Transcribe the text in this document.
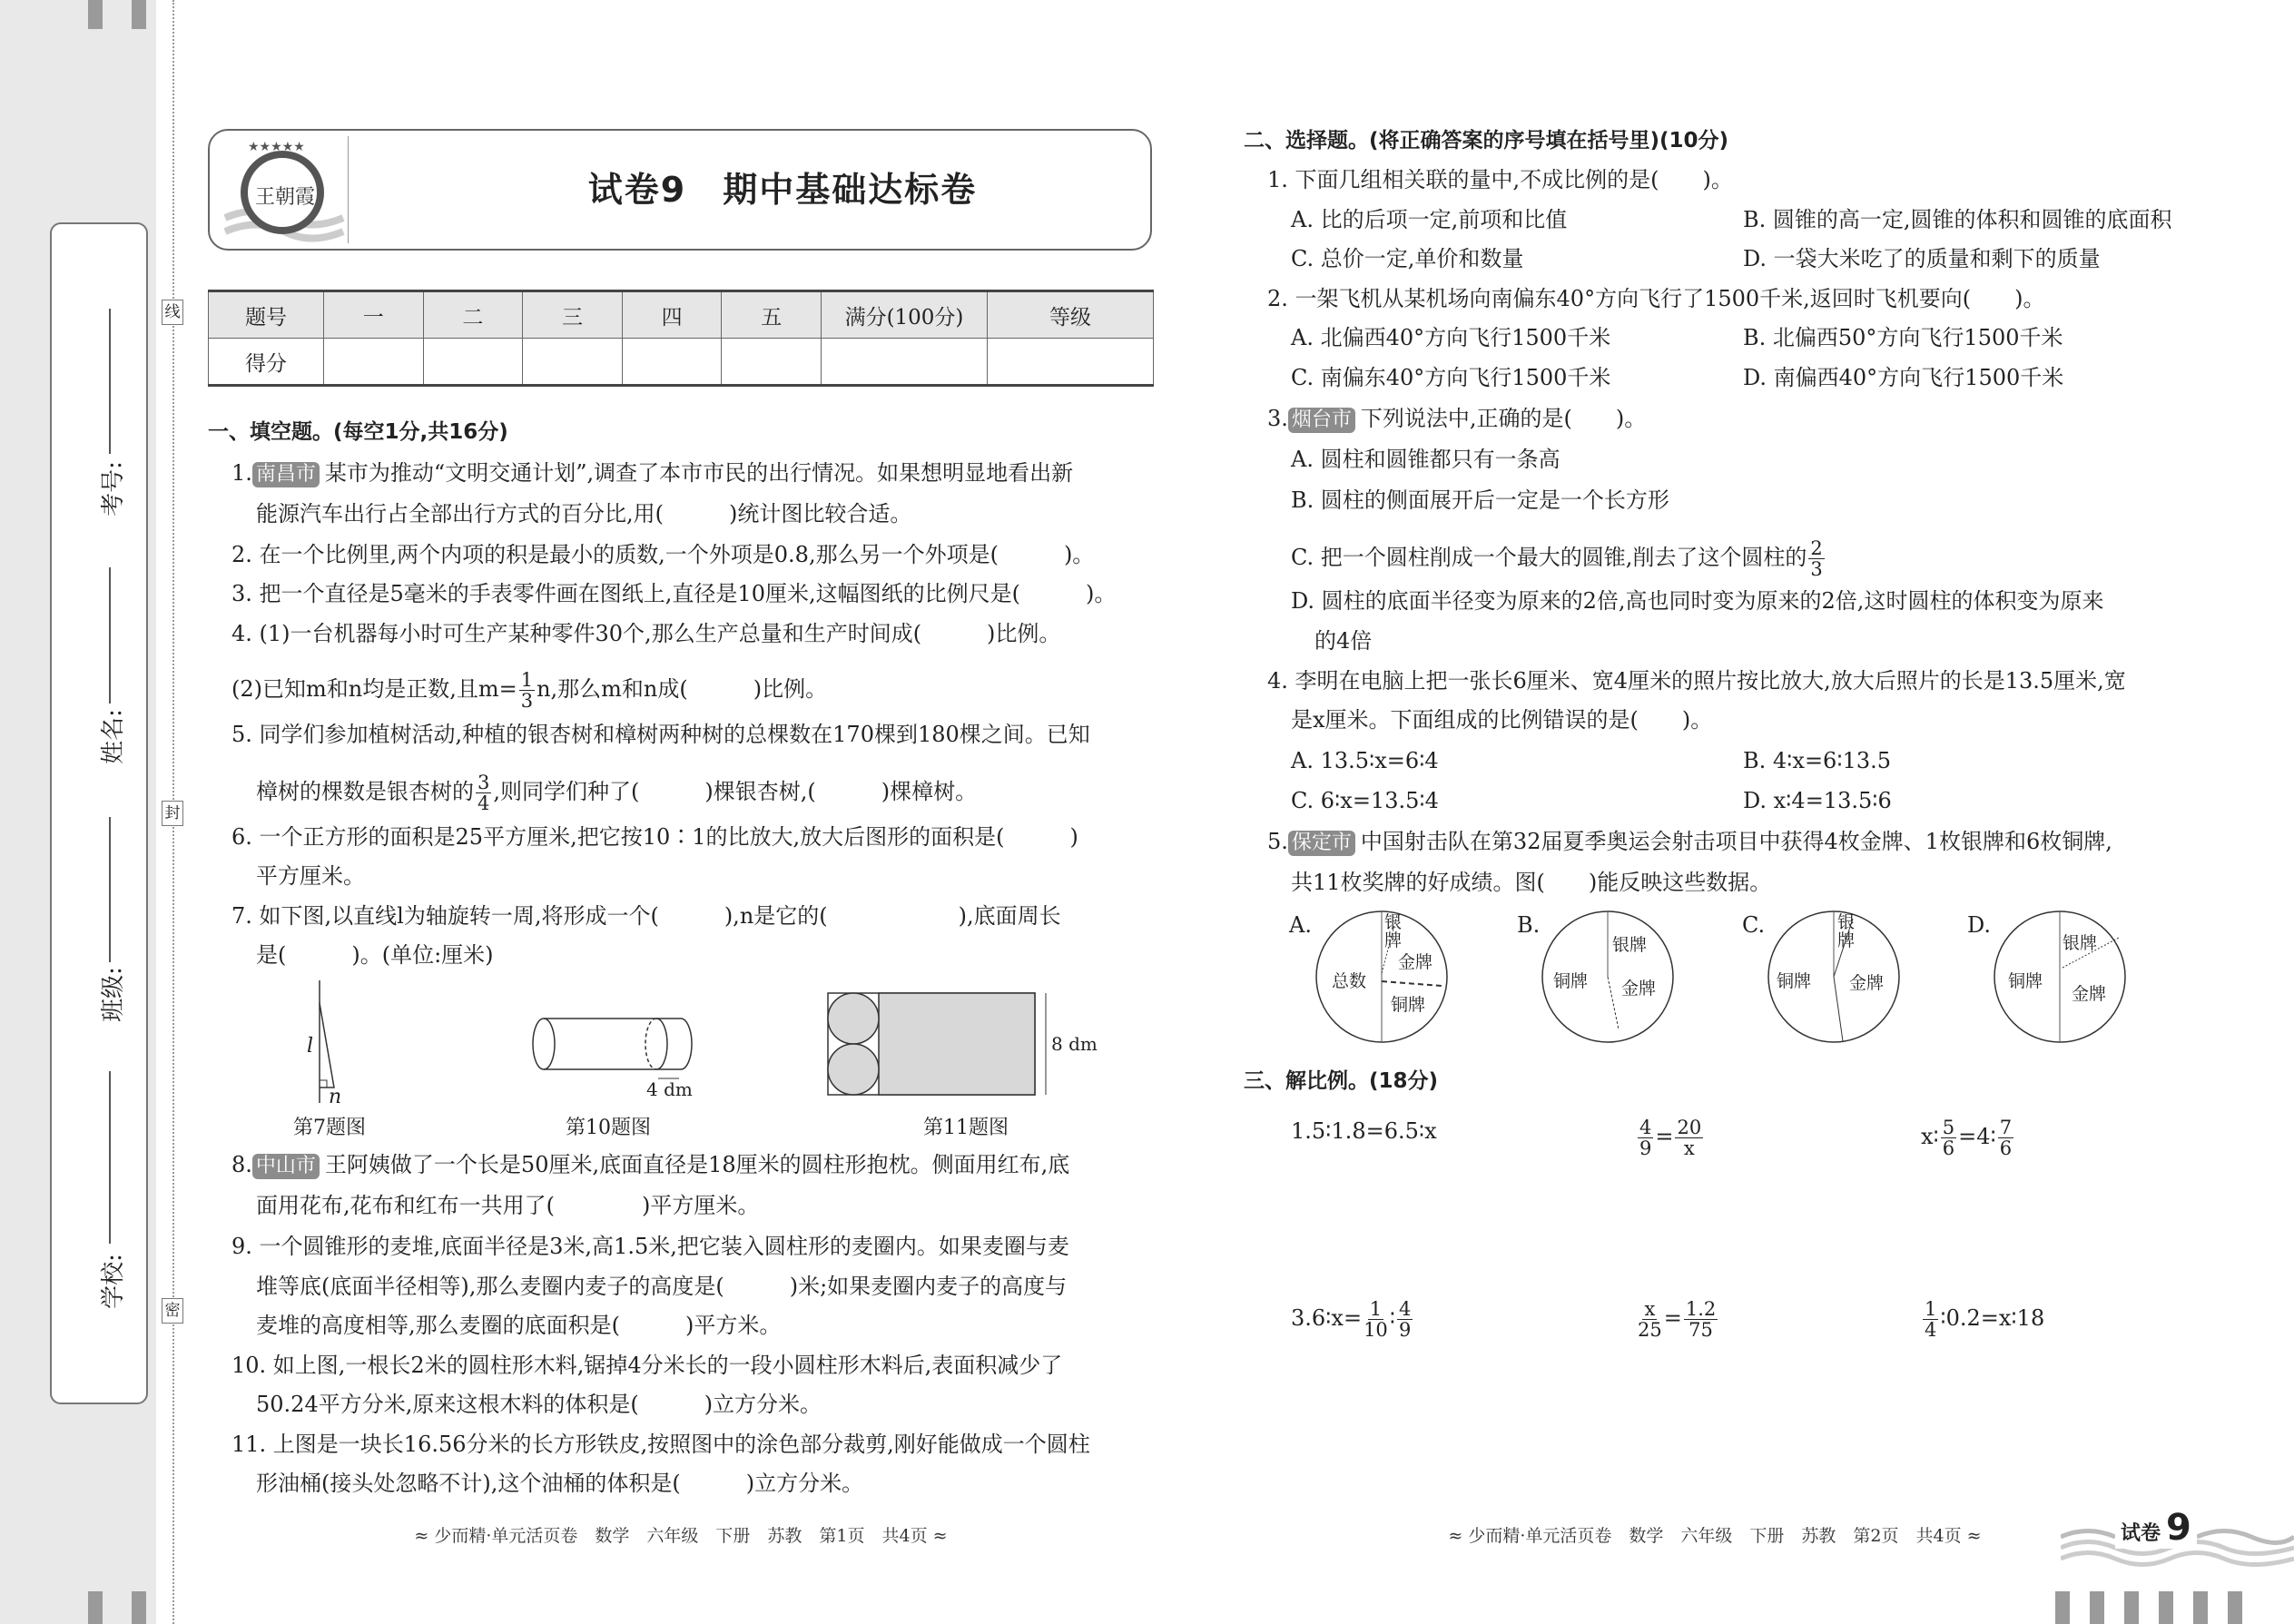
考号:
姓名:
班级:
学校:
线
封
密
★★★★★
王朝霞	试卷9　期中基础达标卷
题号	一	二	三	四	五	满分(100分)	等级
得分							
一、填空题。(每空1分,共16分)
1. 南昌市 某市为推动“文明交通计划”,调查了本市市民的出行情况。如果想明显地看出新
能源汽车出行占全部出行方式的百分比,用(　　　)统计图比较合适。
2. 在一个比例里,两个内项的积是最小的质数,一个外项是0.8,那么另一个外项是(　　　)。
3. 把一个直径是5毫米的手表零件画在图纸上,直径是10厘米,这幅图纸的比例尺是(　　　)。
4. (1)一台机器每小时可生产某种零件30个,那么生产总量和生产时间成(　　　)比例。
(2)已知m和n均是正数,且$m= \frac{1}{3} n$,那么m和n成(　　　)比例。
5. 同学们参加植树活动,种植的银杏树和樟树两种树的总棵数在170棵到180棵之间。已知
樟树的棵数是银杏树的 $\frac{3}{4}$ ,则同学们种了(　　　)棵银杏树,(　　　)棵樟树。
6. 一个正方形的面积是25平方厘米,把它按10∶1的比放大,放大后图形的面积是(　　　)
平方厘米。
7. 如下图,以直线l为轴旋转一周,将形成一个(　　　),n是它的(　　　　　　),底面周长
是(　　　)。(单位:厘米)
l
n
第7题图
4 dm
第10题图
8 dm
第11题图
8. 中山市 王阿姨做了一个长是50厘米,底面直径是18厘米的圆柱形抱枕。侧面用红布,底
面用花布,花布和红布一共用了(　　　　)平方厘米。
9. 一个圆锥形的麦堆,底面半径是3米,高1.5米,把它装入圆柱形的麦圈内。如果麦圈与麦
堆等底(底面半径相等),那么麦圈内麦子的高度是(　　　)米;如果麦圈内麦子的高度与
麦堆的高度相等,那么麦圈的底面积是(　　　)平方米。
10. 如上图,一根长2米的圆柱形木料,锯掉4分米长的一段小圆柱形木料后,表面积减少了
50.24平方分米,原来这根木料的体积是(　　　)立方分米。
11. 上图是一块长16.56分米的长方形铁皮,按照图中的涂色部分裁剪,刚好能做成一个圆柱
形油桶(接头处忽略不计),这个油桶的体积是(　　　)立方分米。
≈ 少而精·单元活页卷　数学　六年级　下册　苏教　第1页　共4页 ≈
二、选择题。(将正确答案的序号填在括号里)(10分)
1. 下面几组相关联的量中,不成比例的是(　　)。
A. 比的后项一定,前项和比值	B. 圆锥的高一定,圆锥的体积和圆锥的底面积
C. 总价一定,单价和数量	D. 一袋大米吃了的质量和剩下的质量
2. 一架飞机从某机场向南偏东40°方向飞行了1500千米,返回时飞机要向(　　)。
A. 北偏西40°方向飞行1500千米	B. 北偏西50°方向飞行1500千米
C. 南偏东40°方向飞行1500千米	D. 南偏西40°方向飞行1500千米
3. 烟台市 下列说法中,正确的是(　　)。
A. 圆柱和圆锥都只有一条高
B. 圆柱的侧面展开后一定是一个长方形
C. 把一个圆柱削成一个最大的圆锥,削去了这个圆柱的 $\frac{2}{3}$
D. 圆柱的底面半径变为原来的2倍,高也同时变为原来的2倍,这时圆柱的体积变为原来
的4倍
4. 李明在电脑上把一张长6厘米、宽4厘米的照片按比放大,放大后照片的长是13.5厘米,宽
是x厘米。下面组成的比例错误的是(　　)。
A. 13.5∶x=6∶4	B. 4∶x=6∶13.5
C. 6∶x=13.5∶4	D. x∶4=13.5∶6
5. 保定市 中国射击队在第32届夏季奥运会射击项目中获得4枚金牌、1枚银牌和6枚铜牌,
共11枚奖牌的好成绩。图(　　)能反映这些数据。
A.	银牌
金牌
总数
铜牌
B.
银牌
铜牌 金牌
C.	银牌
铜牌 金牌
D.
银牌
铜牌
金牌
三、解比例。(18分)
1.5∶1.8=6.5∶x	$\frac{4}{9} = \frac{20}{x}$	x∶ $\frac{5}{6}$ =4∶ $\frac{7}{6}$
3.6∶x= $\frac{1}{10}$ ∶ $\frac{4}{9}$	$\frac{x}{25} = \frac{1.2}{75}$	$\frac{1}{4}$ ∶0.2=x∶18
≈ 少而精·单元活页卷　数学　六年级　下册　苏教　第2页　共4页 ≈	试卷 9
